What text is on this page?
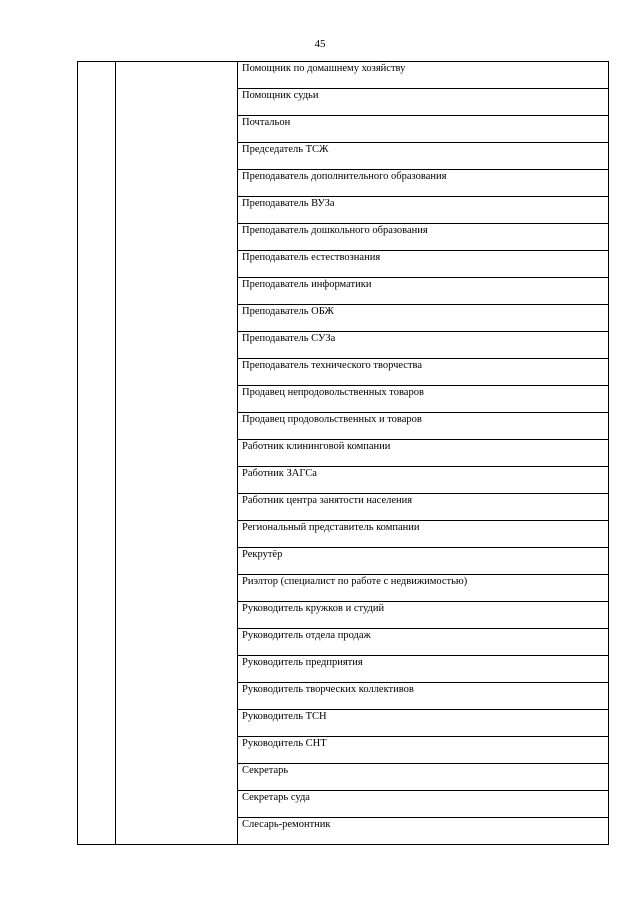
45
		Помощник по домашнему хозяйству
Помощник судьи
Почтальон
Председатель ТСЖ
Преподаватель дополнительного образования
Преподаватель ВУЗа
Преподаватель дошкольного образования
Преподаватель естествознания
Преподаватель информатики
Преподаватель ОБЖ
Преподаватель СУЗа
Преподаватель технического творчества
Продавец непродовольственных товаров
Продавец продовольственных и товаров
Работник клининговой компании
Работник ЗАГСа
Работник центра занятости населения
Региональный представитель компании
Рекрутёр
Риэлтор (специалист по работе с недвижимостью)
Руководитель кружков и студий
Руководитель отдела продаж
Руководитель предприятия
Руководитель творческих коллективов
Руководитель ТСН
Руководитель СНТ
Секретарь
Секретарь суда
Слесарь-ремонтник
